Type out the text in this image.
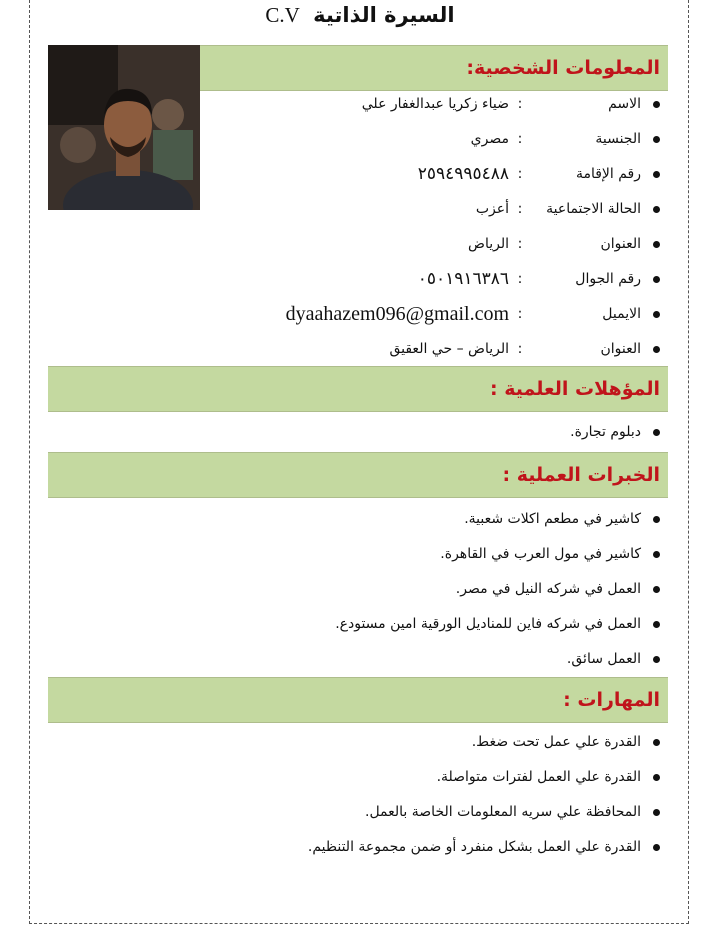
C.V السيرة الذاتية
المعلومات الشخصية:
الاسم
:
ضياء زكريا عبدالغفار علي
الجنسية
:
مصري
رقم الإقامة
:
٢٥٩٤٩٩٥٤٨٨
الحالة الاجتماعية
:
أعزب
العنوان
:
الرياض
رقم الجوال
:
٠٥٠١٩١٦٣٨٦
الايميل
:
dyaahazem096@gmail.com
العنوان
:
الرياض – حي العقيق
المؤهلات العلمية :
دبلوم تجارة.
الخبرات العملية :
كاشير في مطعم اكلات شعبية.
كاشير في مول العرب في القاهرة.
العمل في شركه النيل في مصر.
العمل في شركه فاين للمناديل الورقية امين مستودع.
العمل سائق.
المهارات :
القدرة علي عمل تحت ضغط.
القدرة علي العمل لفترات متواصلة.
المحافظة علي سريه المعلومات الخاصة بالعمل.
القدرة علي العمل بشكل منفرد أو ضمن مجموعة التنظيم.
